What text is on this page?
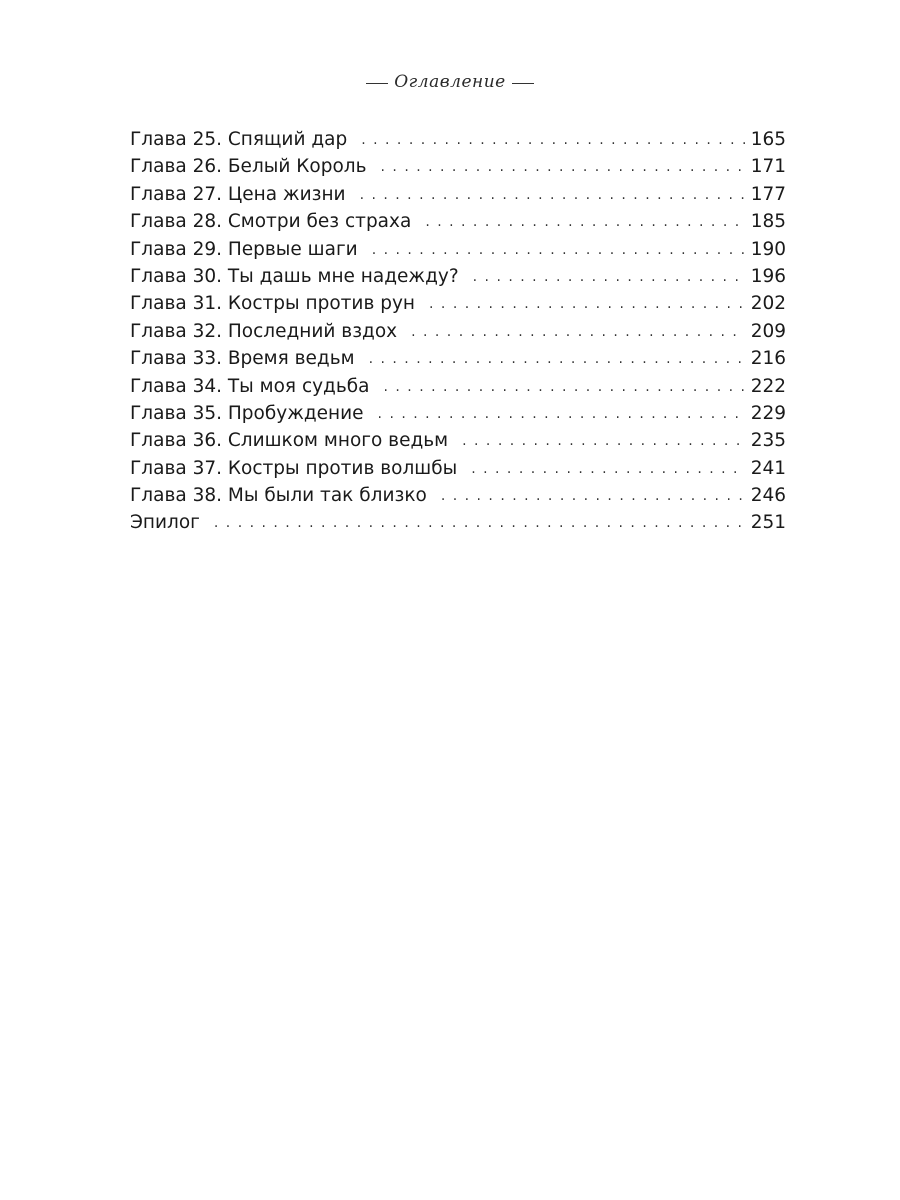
Оглавление
Глава 25. Спящий дар . . .	165
Глава 26. Белый Король . . .	171
Глава 27. Цена жизни . . .	177
Глава 28. Смотри без страха . . .	185
Глава 29. Первые шаги . . .	190
Глава 30. Ты дашь мне надежду? . . .	196
Глава 31. Костры против рун . . .	202
Глава 32. Последний вздох . . .	209
Глава 33. Время ведьм . . .	216
Глава 34. Ты моя судьба . . .	222
Глава 35. Пробуждение . . .	229
Глава 36. Слишком много ведьм . . .	235
Глава 37. Костры против волшбы . . .	241
Глава 38. Мы были так близко . . .	246
Эпилог . . .	251
